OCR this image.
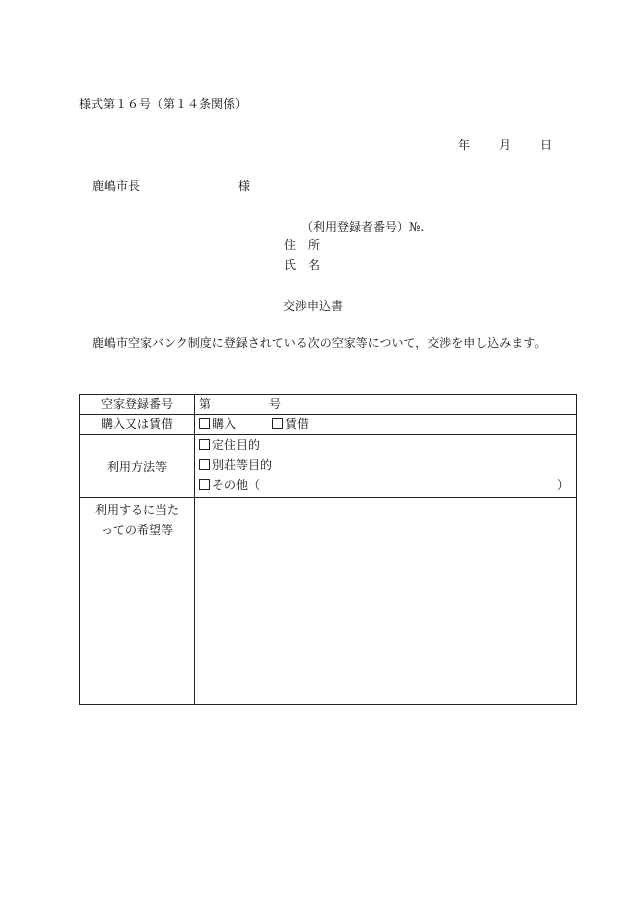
様式第１６号（第１４条関係）
年 月 日
鹿嶋市長	様
（利用登録者番号）№.
住　所
氏　名
交渉申込書
鹿嶋市空家バンク制度に登録されている次の空家等について，交渉を申し込みます。
空家登録番号	第 号
購入又は賃借	購入 賃借
利用方法等	定住目的
別荘等目的
その他（ ）

利用するに当た
っての希望等	
